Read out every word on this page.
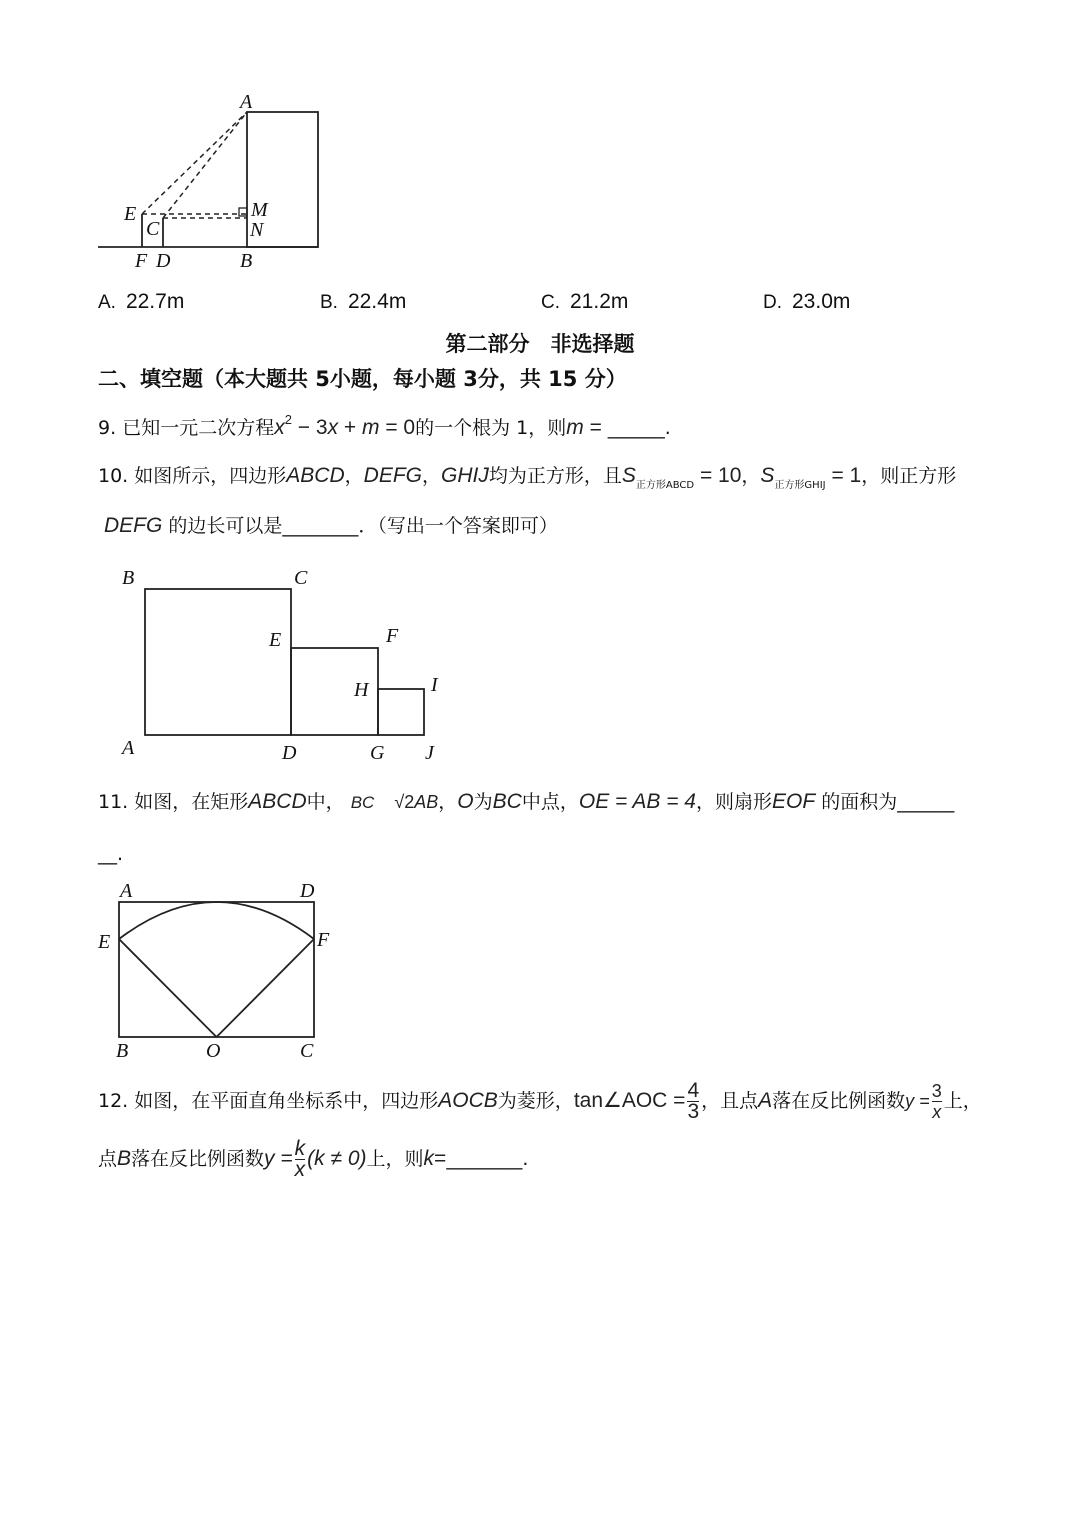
A
E	M
C	N
F D	B
A. 22.7m	B. 22.4m	C. 21.2m	D. 23.0m
第二部分　非选择题
二、填空题（本大题共 5小题，每小题 3分，共 15 分）
9. 已知一元二次方程$x^2 - 3x + m = 0$的一个根为 1，则m = ______.
10. 如图所示，四边形ABCD，DEFG，GHIJ均为正方形，且$S_{正方形ABCD} = 10$，$S_{正方形GHIJ} = 1$，则正方形
DEFG 的边长可以是________．（写出一个答案即可）
B	C
E	F
H	I
A	D	G J
11. 如图，在矩形ABCD中， BC √2AB，O为BC中点，OE = AB = 4，则扇形EOF 的面积为______
__.
A	D
E	F
B	O	C
12.
如图，在平面直角坐标系中，四边形 AOCB 为菱形， tan∠AOC = $\frac{4}{3}$ ，且点 A 落在反比例函数 $y = \frac{3}{x}$ 上，
点 B 落在反比例函数 $y = \frac{k}{x} (k \ne 0)$ 上，则 k = ________ .
